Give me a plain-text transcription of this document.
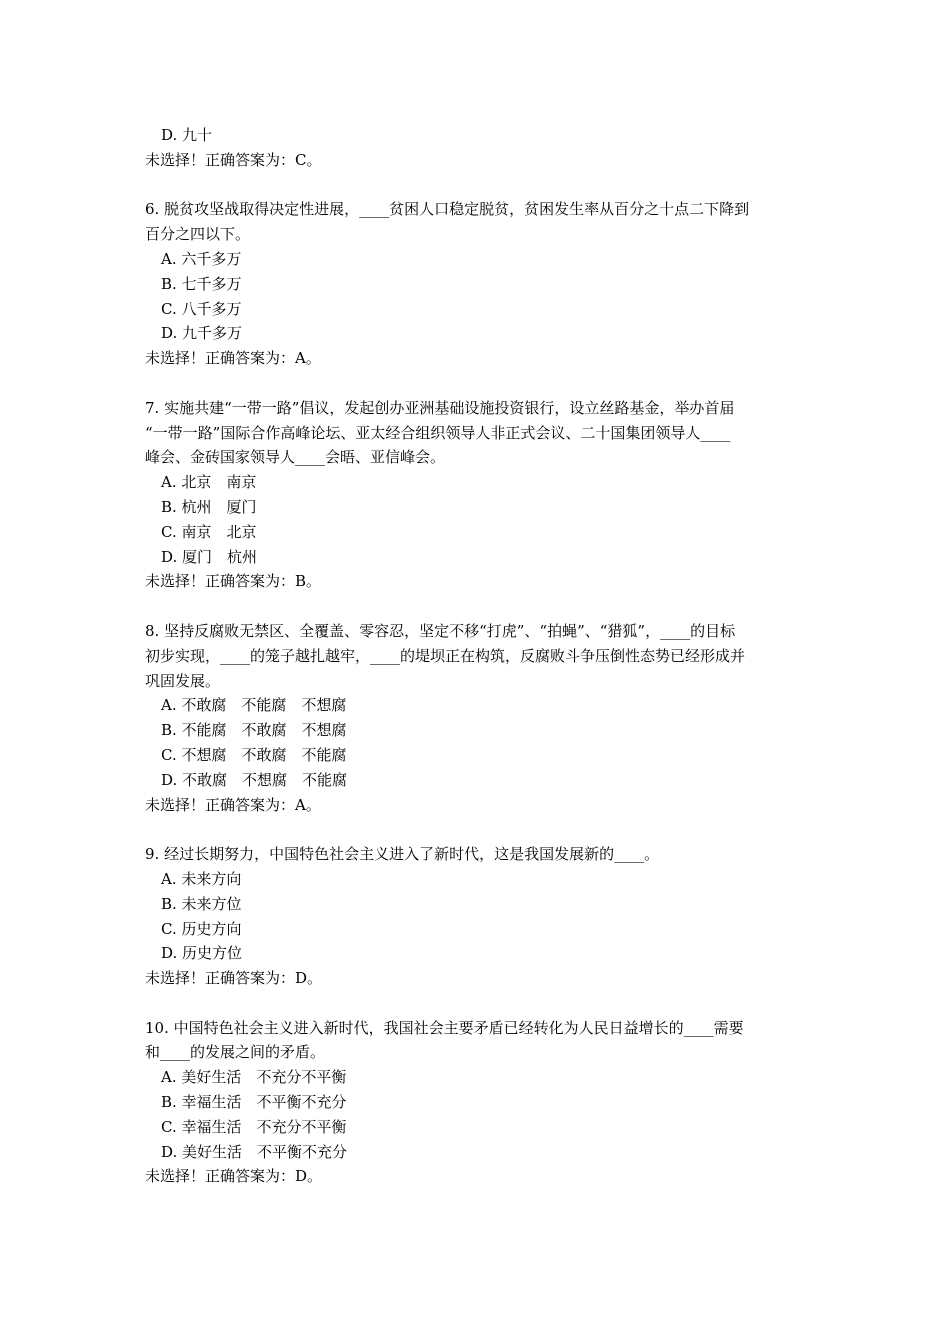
D. 九十
未选择！正确答案为：C。
6. 脱贫攻坚战取得决定性进展，____贫困人口稳定脱贫，贫困发生率从百分之十点二下降到
百分之四以下。
A. 六千多万
B. 七千多万
C. 八千多万
D. 九千多万
未选择！正确答案为：A。
7. 实施共建“一带一路”倡议，发起创办亚洲基础设施投资银行，设立丝路基金，举办首届
“一带一路”国际合作高峰论坛、亚太经合组织领导人非正式会议、二十国集团领导人____
峰会、金砖国家领导人____会晤、亚信峰会。
A. 北京　南京
B. 杭州　厦门
C. 南京　北京
D. 厦门　杭州
未选择！正确答案为：B。
8. 坚持反腐败无禁区、全覆盖、零容忍，坚定不移“打虎”、“拍蝇”、“猎狐”，____的目标
初步实现，____的笼子越扎越牢，____的堤坝正在构筑，反腐败斗争压倒性态势已经形成并
巩固发展。
A. 不敢腐　不能腐　不想腐
B. 不能腐　不敢腐　不想腐
C. 不想腐　不敢腐　不能腐
D. 不敢腐　不想腐　不能腐
未选择！正确答案为：A。
9. 经过长期努力，中国特色社会主义进入了新时代，这是我国发展新的____。
A. 未来方向
B. 未来方位
C. 历史方向
D. 历史方位
未选择！正确答案为：D。
10. 中国特色社会主义进入新时代，我国社会主要矛盾已经转化为人民日益增长的____需要
和____的发展之间的矛盾。
A. 美好生活　不充分不平衡
B. 幸福生活　不平衡不充分
C. 幸福生活　不充分不平衡
D. 美好生活　不平衡不充分
未选择！正确答案为：D。
